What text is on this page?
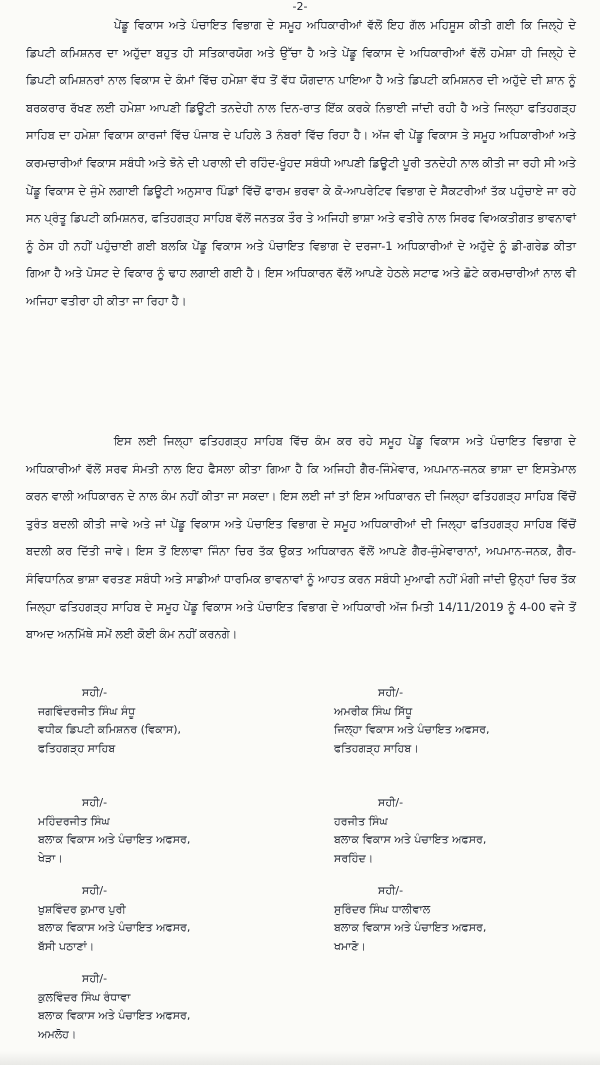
-2-

ਪੇਂਡੂ ਵਿਕਾਸ ਅਤੇ ਪੰਚਾਇਤ ਵਿਭਾਗ ਦੇ ਸਮੂਹ ਅਧਿਕਾਰੀਆਂ ਵੱਲੋਂ ਇਹ ਗੱਲ ਮਹਿਸੂਸ ਕੀਤੀ ਗਈ ਕਿ ਜਿਲ੍ਹੇ ਦੇ ਡਿਪਟੀ ਕਮਿਸ਼ਨਰ ਦਾ ਅਹੁੱਦਾ ਬਹੁਤ ਹੀ ਸਤਿਕਾਰਯੋਗ ਅਤੇ ਉੱਚਾ ਹੈ ਅਤੇ ਪੇਂਡੂ ਵਿਕਾਸ ਦੇ ਅਧਿਕਾਰੀਆਂ ਵੱਲੋਂ ਹਮੇਸ਼ਾ ਹੀ ਜਿਲ੍ਹੇ ਦੇ ਡਿਪਟੀ ਕਮਿਸ਼ਨਰਾਂ ਨਾਲ ਵਿਕਾਸ ਦੇ ਕੰਮਾਂ ਵਿੱਚ ਹਮੇਸ਼ਾ ਵੱਧ ਤੋਂ ਵੱਧ ਯੋਗਦਾਨ ਪਾਇਆ ਹੈ ਅਤੇ ਡਿਪਟੀ ਕਮਿਸ਼ਨਰ ਦੀ ਅਹੁੱਦੇ ਦੀ ਸ਼ਾਨ ਨੂੰ ਬਰਕਰਾਰ ਰੱਖਣ ਲਈ ਹਮੇਸ਼ਾ ਆਪਣੀ ਡਿਊਟੀ ਤਨਦੇਹੀ ਨਾਲ ਦਿਨ-ਰਾਤ ਇੱਕ ਕਰਕੇ ਨਿਭਾਈ ਜਾਂਦੀ ਰਹੀ ਹੈ ਅਤੇ ਜਿਲ੍ਹਾ ਫਤਿਹਗੜ੍ਹ ਸਾਹਿਬ ਦਾ ਹਮੇਸ਼ਾ ਵਿਕਾਸ ਕਾਰਜਾਂ ਵਿੱਚ ਪੰਜਾਬ ਦੇ ਪਹਿਲੇ 3 ਨੰਬਰਾਂ ਵਿੱਚ ਰਿਹਾ ਹੈ। ਅੱਜ ਵੀ ਪੇਂਡੂ ਵਿਕਾਸ ਤੇ ਸਮੂਹ ਅਧਿਕਾਰੀਆਂ ਅਤੇ ਕਰਮਚਾਰੀਆਂ ਵਿਕਾਸ ਸਬੰਧੀ ਅਤੇ ਝੋਨੇ ਦੀ ਪਰਾਲੀ ਦੀ ਰਹਿੰਦ-ਖੂੰਹਦ ਸਬੰਧੀ ਆਪਣੀ ਡਿਊਟੀ ਪੂਰੀ ਤਨਦੇਹੀ ਨਾਲ ਕੀਤੀ ਜਾ ਰਹੀ ਸੀ ਅਤੇ ਪੇਂਡੂ ਵਿਕਾਸ ਦੇ ਜੁੰਮੇ ਲਗਾਈ ਡਿਊਟੀ ਅਨੁਸਾਰ ਪਿੰਡਾਂ ਵਿੱਚੋਂ ਫਾਰਮ ਭਰਵਾ ਕੇ ਕੋ-ਆਪਰੇਟਿਵ ਵਿਭਾਗ ਦੇ ਸੈਕਟਰੀਆਂ ਤੱਕ ਪਹੁੰਚਾਏ ਜਾ ਰਹੇ ਸਨ ਪ੍ਰੰਤੂ ਡਿਪਟੀ ਕਮਿਸ਼ਨਰ, ਫਤਿਹਗੜ੍ਹ ਸਾਹਿਬ ਵੱਲੋਂ ਜਨਤਕ ਤੌਰ ਤੇ ਅਜਿਹੀ ਭਾਸ਼ਾ ਅਤੇ ਵਤੀਰੇ ਨਾਲ ਸਿਰਫ ਵਿਅਕਤੀਗਤ ਭਾਵਨਾਵਾਂ ਨੂੰ ਠੇਸ ਹੀ ਨਹੀਂ ਪਹੁੰਚਾਈ ਗਈ ਬਲਕਿ ਪੇਂਡੂ ਵਿਕਾਸ ਅਤੇ ਪੰਚਾਇਤ ਵਿਭਾਗ ਦੇ ਦਰਜਾ-1 ਅਧਿਕਾਰੀਆਂ ਦੇ ਅਹੁੱਦੇ ਨੂੰ ਡੀ-ਗਰੇਡ ਕੀਤਾ ਗਿਆ ਹੈ ਅਤੇ ਪੋਸਟ ਦੇ ਵਿਕਾਰ ਨੂੰ ਢਾਹ ਲਗਾਈ ਗਈ ਹੈ। ਇਸ ਅਧਿਕਾਰਨ ਵੱਲੋਂ ਆਪਣੇ ਹੇਠਲੇ ਸਟਾਫ ਅਤੇ ਛੋਟੇ ਕਰਮਚਾਰੀਆਂ ਨਾਲ ਵੀ ਅਜਿਹਾ ਵਤੀਰਾ ਹੀ ਕੀਤਾ ਜਾ ਰਿਹਾ ਹੈ।

ਇਸ ਲਈ ਜਿਲ੍ਹਾ ਫਤਿਹਗੜ੍ਹ ਸਾਹਿਬ ਵਿੱਚ ਕੰਮ ਕਰ ਰਹੇ ਸਮੂਹ ਪੇਂਡੂ ਵਿਕਾਸ ਅਤੇ ਪੰਚਾਇਤ ਵਿਭਾਗ ਦੇ ਅਧਿਕਾਰੀਆਂ ਵੱਲੋਂ ਸਰਵ ਸੰਮਤੀ ਨਾਲ ਇਹ ਫੈਸਲਾ ਕੀਤਾ ਗਿਆ ਹੈ ਕਿ ਅਜਿਹੀ ਗੈਰ-ਜਿੰਮੇਵਾਰ, ਅਪਮਾਨ-ਜਨਕ ਭਾਸ਼ਾ ਦਾ ਇਸਤੇਮਾਲ ਕਰਨ ਵਾਲੀ ਅਧਿਕਾਰਨ ਦੇ ਨਾਲ ਕੰਮ ਨਹੀਂ ਕੀਤਾ ਜਾ ਸਕਦਾ। ਇਸ ਲਈ ਜਾਂ ਤਾਂ ਇਸ ਅਧਿਕਾਰਨ ਦੀ ਜਿਲ੍ਹਾ ਫਤਿਹਗੜ੍ਹ ਸਾਹਿਬ ਵਿੱਚੋਂ ਤੁਰੰਤ ਬਦਲੀ ਕੀਤੀ ਜਾਵੇ ਅਤੇ ਜਾਂ ਪੇਂਡੂ ਵਿਕਾਸ ਅਤੇ ਪੰਚਾਇਤ ਵਿਭਾਗ ਦੇ ਸਮੂਹ ਅਧਿਕਾਰੀਆਂ ਦੀ ਜਿਲ੍ਹਾ ਫਤਿਹਗੜ੍ਹ ਸਾਹਿਬ ਵਿੱਚੋਂ ਬਦਲੀ ਕਰ ਦਿੱਤੀ ਜਾਵੇ। ਇਸ ਤੋਂ ਇਲਾਵਾ ਜਿੰਨਾ ਚਿਰ ਤੱਕ ਉਕਤ ਅਧਿਕਾਰਨ ਵੱਲੋਂ ਆਪਣੇ ਗੈਰ-ਜੁੰਮੇਵਾਰਾਨਾਂ, ਅਪਮਾਨ-ਜਨਕ, ਗੈਰ-ਸੰਵਿਧਾਨਿਕ ਭਾਸ਼ਾ ਵਰਤਣ ਸਬੰਧੀ ਅਤੇ ਸਾਡੀਆਂ ਧਾਰਮਿਕ ਭਾਵਨਾਵਾਂ ਨੂੰ ਆਹਤ ਕਰਨ ਸਬੰਧੀ ਮੁਆਫੀ ਨਹੀਂ ਮੰਗੀ ਜਾਂਦੀ ਉਨ੍ਹਾਂ ਚਿਰ ਤੱਕ ਜਿਲ੍ਹਾ ਫਤਿਹਗੜ੍ਹ ਸਾਹਿਬ ਦੇ ਸਮੂਹ ਪੇਂਡੂ ਵਿਕਾਸ ਅਤੇ ਪੰਚਾਇਤ ਵਿਭਾਗ ਦੇ ਅਧਿਕਾਰੀ ਅੱਜ ਮਿਤੀ 14/11/2019 ਨੂੰ 4-00 ਵਜੇ ਤੋਂ ਬਾਅਦ ਅਨਮਿੱਥੇ ਸਮੇਂ ਲਈ ਕੋਈ ਕੰਮ ਨਹੀਂ ਕਰਨਗੇ।

ਸਹੀ/-
ਜਗਵਿੰਦਰਜੀਤ ਸਿੰਘ ਸੰਧੂ
ਵਧੀਕ ਡਿਪਟੀ ਕਮਿਸ਼ਨਰ (ਵਿਕਾਸ),
ਫਤਿਹਗੜ੍ਹ ਸਾਹਿਬ
ਸਹੀ/-
ਅਮਰੀਕ ਸਿੰਘ ਸਿੱਧੂ
ਜਿਲ੍ਹਾ ਵਿਕਾਸ ਅਤੇ ਪੰਚਾਇਤ ਅਫਸਰ,
ਫਤਿਹਗੜ੍ਹ ਸਾਹਿਬ।
ਸਹੀ/-
ਮਹਿੰਦਰਜੀਤ ਸਿੰਘ
ਬਲਾਕ ਵਿਕਾਸ ਅਤੇ ਪੰਚਾਇਤ ਅਫਸਰ,
ਖੇੜਾ।
ਸਹੀ/-
ਹਰਜੀਤ ਸਿੰਘ
ਬਲਾਕ ਵਿਕਾਸ ਅਤੇ ਪੰਚਾਇਤ ਅਫਸਰ,
ਸਰਹਿੰਦ।
ਸਹੀ/-
ਖੁਸ਼ਵਿੰਦਰ ਕੁਮਾਰ ਪੁਰੀ
ਬਲਾਕ ਵਿਕਾਸ ਅਤੇ ਪੰਚਾਇਤ ਅਫਸਰ,
ਬੱਸੀ ਪਠਾਣਾਂ।
ਸਹੀ/-
ਸੁਰਿੰਦਰ ਸਿੰਘ ਧਾਲੀਵਾਲ
ਬਲਾਕ ਵਿਕਾਸ ਅਤੇ ਪੰਚਾਇਤ ਅਫਸਰ,
ਖਮਾਣੋ।
ਸਹੀ/-
ਕੁਲਵਿੰਦਰ ਸਿੰਘ ਰੰਧਾਵਾ
ਬਲਾਕ ਵਿਕਾਸ ਅਤੇ ਪੰਚਾਇਤ ਅਫਸਰ,
ਅਮਲੋਹ।
